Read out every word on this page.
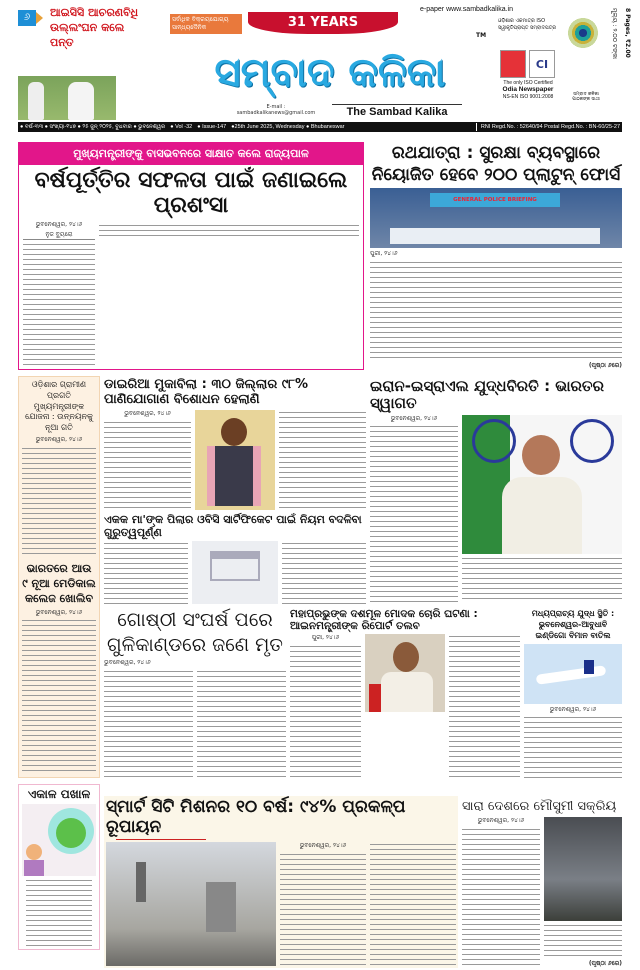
୬	ଆଇସିସି ଆଚରଣବିଧି ଉଲ୍ଲଂଘନ କଲେ ପନ୍ତ
ସର୍ବାଧିକ ବିକ୍ରୟଯୋଗ୍ୟ ସାନ୍ଧ୍ୟଦୈନିକ	31 YEARS
ସମ୍ବାଦ କଳିକା
E-mail :
sambadkalikanews@gmail.com	The Sambad Kalika
TM
e-paper www.sambadkalika.in
ଓଡ଼ିଶାର ଏକମାତ୍ର ISO ସ୍ୱୀକୃତିପ୍ରାପ୍ତ ସମ୍ବାଦପତ୍ର
CI
The only ISO Certified
Odia Newspaper
NS-EN ISO 9001:2008	ସମ୍ବାଦ କଳିକା ପାଠକଙ୍କ ସାଥୀ
ମୂଲ୍ୟ : ୨.୦୦ ଟଙ୍କା 8 Pages, ₹2.00
● ବର୍ଷ-୩୩ ● ସଂଖ୍ୟା-୧୪୭ ● ୨୫ ଜୁନ୍ ୨୦୨୫, ବୁଧବାର ● ଭୁବନେଶ୍ୱର ● Vol -32 ● Issue-147 ●25th June 2025, Wednesday ● Bhubaneswar	RNI Regd.No. : 52640/94 Postal Regd.No. : BN-60/25-27
ମୁଖ୍ୟମନ୍ତ୍ରୀଙ୍କୁ ବାସଭବନରେ ସାକ୍ଷାତ କଲେ ରାଜ୍ୟପାଳ
ବର୍ଷପୂର୍ତ୍ତିର ସଫଳତା ପାଇଁ ଜଣାଇଲେ ପ୍ରଶଂସା
ଭୁବନେଶ୍ୱର, ୨୪।୬
ନୁଜ ବ୍ୟୁରୋ
ରଥଯାତ୍ରା : ସୁରକ୍ଷା ବ୍ୟବସ୍ଥାରେ ନିୟୋଜିତ ହେବେ ୨୦୦ ପ୍ଲାଟୁନ୍ ଫୋର୍ସ
GENERAL POLICE BRIEFING
ପୁରୀ, ୨୪।୬
(ପୃଷ୍ଠା ୬ରେ)
ଓଡ଼ିଶାର ଗ୍ରାମୀଣ ପ୍ରଗତି ମୁଖ୍ୟମନ୍ତ୍ରୀଙ୍କ ଯୋଜନା : ଉନ୍ନୟନକୁ ନୂଆ ଗତି
ଭୁବନେଶ୍ୱର, ୨୪।୬
ଭାରତରେ ଆଉ ୯ ନୂଆ ମେଡିକାଲ କଲେଜ ଖୋଲିବ
ଭୁବନେଶ୍ୱର, ୨୪।୬
ଡାଇରିଆ ମୁକାବିଲା : ୩୦ ଜିଲ୍ଲାର ୯୮% ପାଣିଯୋଗାଣ ବିଶୋଧନ ହେଲାଣି
ଭୁବନେଶ୍ୱର, ୨୪।୬
ଇରାନ-ଇସ୍ରାଏଲ ଯୁଦ୍ଧବିରତି : ଭାରତର ସ୍ୱାଗତ
ଭୁବନେଶ୍ୱର, ୨୪।୬
ଏକକ ମା'ଙ୍କ ପିଲାର ଓବିସି ସାର୍ଟିଫିକେଟ ପାଇଁ ନିୟମ ବଦଳିବା ଗୁରୁତ୍ୱପୂର୍ଣ୍ଣ
ଗୋଷ୍ଠୀ ସଂଘର୍ଷ ପରେ ଗୁଳିକାଣ୍ଡରେ ଜଣେ ମୃତ
ଭୁବନେଶ୍ୱର, ୨୪।୬
ମହାପ୍ରଭୁଙ୍କ ଦଶମୂଳ ମୋଦକ ଚୋରି ଘଟଣା : ଆଇନମନ୍ତ୍ରୀଙ୍କ ରିପୋର୍ଟ ତଲବ
ପୁରୀ, ୨୪।୬
ମଧ୍ୟପ୍ରାଚ୍ୟ ଯୁଦ୍ଧ ସ୍ଥିତି : ଭୁବନେଶ୍ୱର-ଆବୁଧାବି ଇଣ୍ଡିଗୋ ବିମାନ ବାତିଲ
ଭୁବନେଶ୍ୱର, ୨୪।୬
ଏକାଳ ପଖାଳ
ସ୍ମାର୍ଟ ସିଟି ମିଶନର ୧୦ ବର୍ଷ: ୯୪% ପ୍ରକଳ୍ପ ରୂପାୟନ
ଭୁବନେଶ୍ୱର, ୨୪।୬
ସାରା ଦେଶରେ ମୌସୁମୀ ସକ୍ରିୟ
ଭୁବନେଶ୍ୱର, ୨୪।୬
(ପୃଷ୍ଠା ୬ରେ)
